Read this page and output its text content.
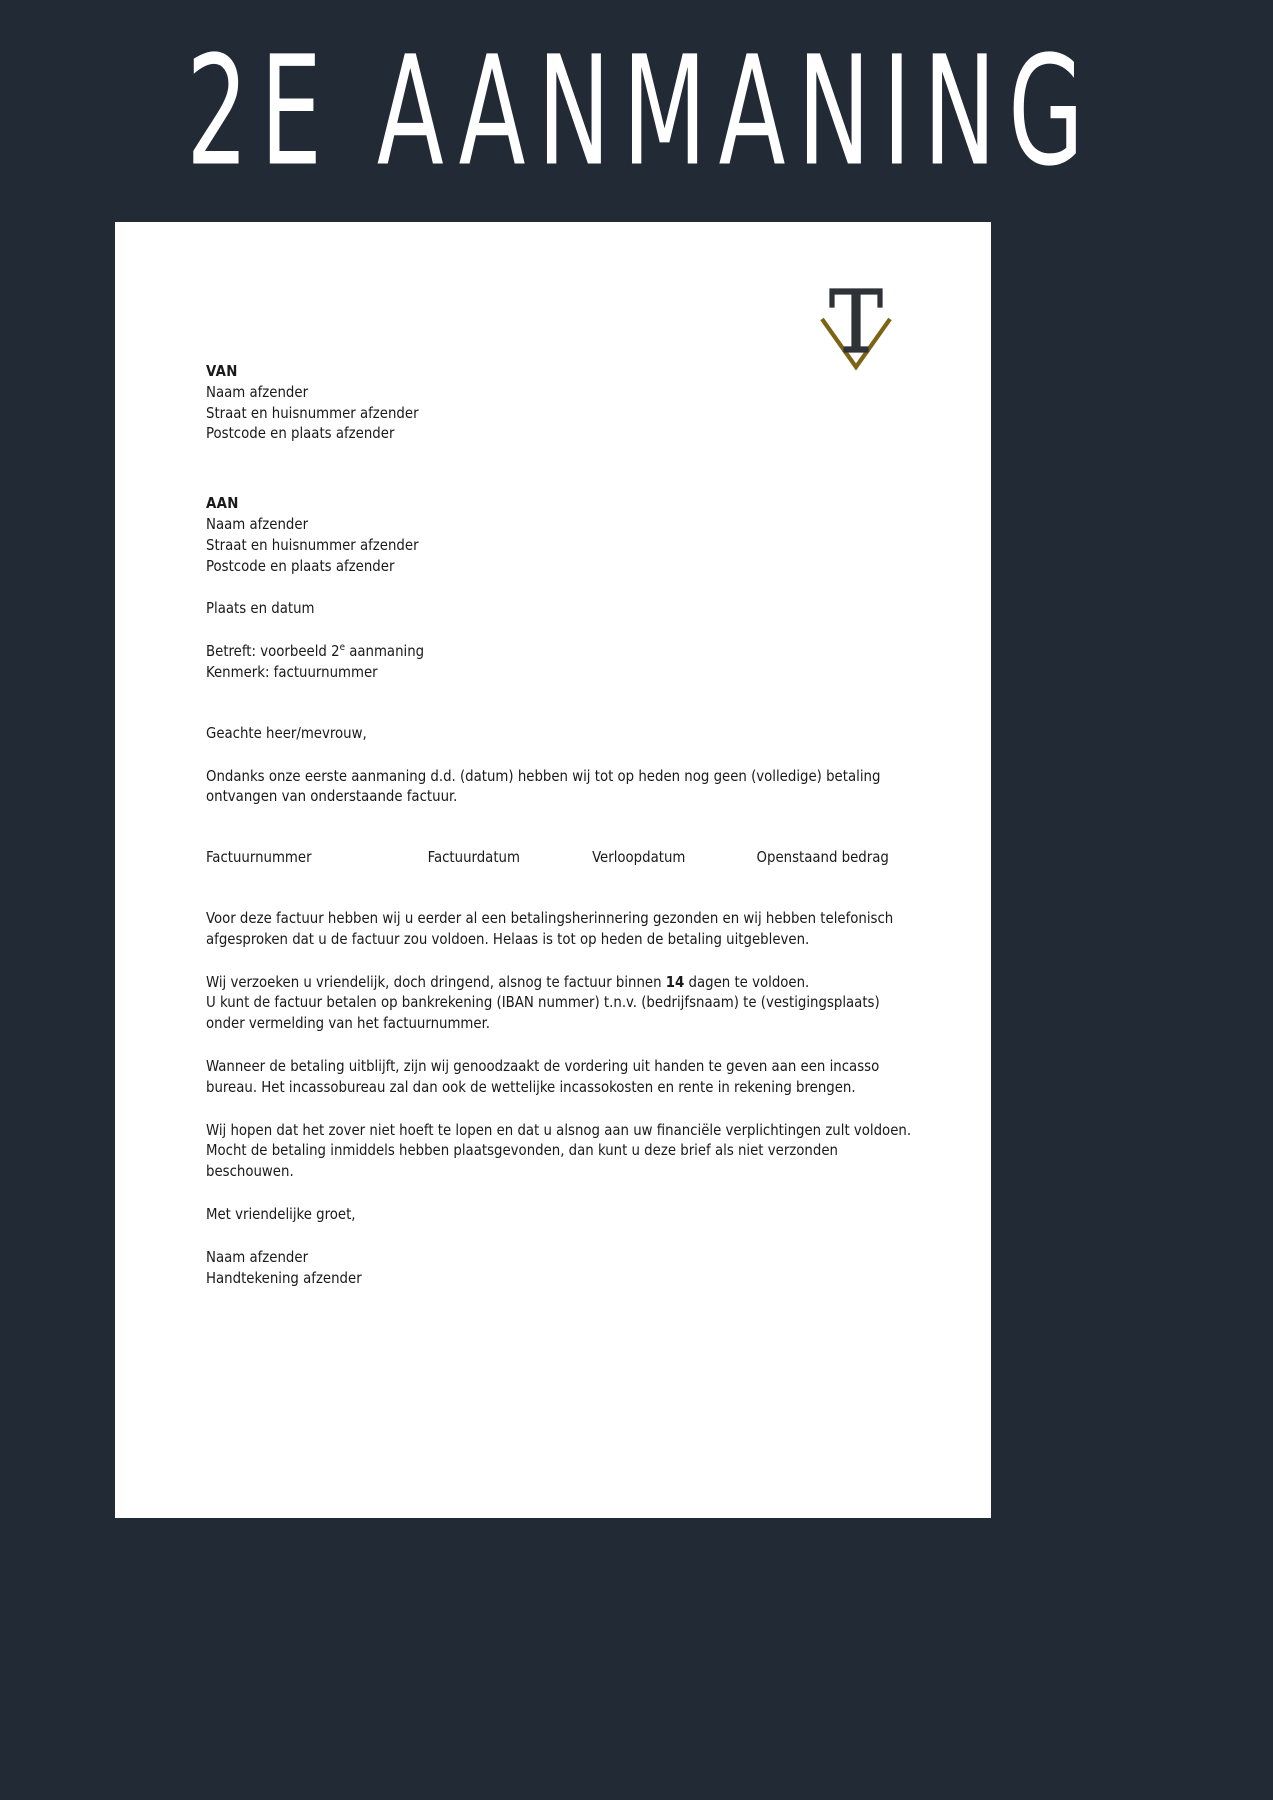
2E AANMANING

VAN

Naam afzender

Straat en huisnummer afzender

Postcode en plaats afzender

AAN

Naam afzender

Straat en huisnummer afzender

Postcode en plaats afzender

Plaats en datum

Betreft: voorbeeld 2e aanmaning

Kenmerk: factuurnummer

Geachte heer/mevrouw,

Ondanks onze eerste aanmaning d.d. (datum) hebben wij tot op heden nog geen (volledige) betaling ontvangen van onderstaande factuur.

Factuurnummer	Factuurdatum	Verloopdatum	Openstaand bedrag

Voor deze factuur hebben wij u eerder al een betalingsherinnering gezonden en wij hebben telefonisch afgesproken dat u de factuur zou voldoen. Helaas is tot op heden de betaling uitgebleven.

Wij verzoeken u vriendelijk, doch dringend, alsnog te factuur binnen 14 dagen te voldoen.

U kunt de factuur betalen op bankrekening (IBAN nummer) t.n.v. (bedrijfsnaam) te (vestigingsplaats)

onder vermelding van het factuurnummer.

Wanneer de betaling uitblijft, zijn wij genoodzaakt de vordering uit handen te geven aan een incasso bureau. Het incassobureau zal dan ook de wettelijke incassokosten en rente in rekening brengen.

Wij hopen dat het zover niet hoeft te lopen en dat u alsnog aan uw financiële verplichtingen zult voldoen. Mocht de betaling inmiddels hebben plaatsgevonden, dan kunt u deze brief als niet verzonden beschouwen.

Met vriendelijke groet,

Naam afzender

Handtekening afzender
